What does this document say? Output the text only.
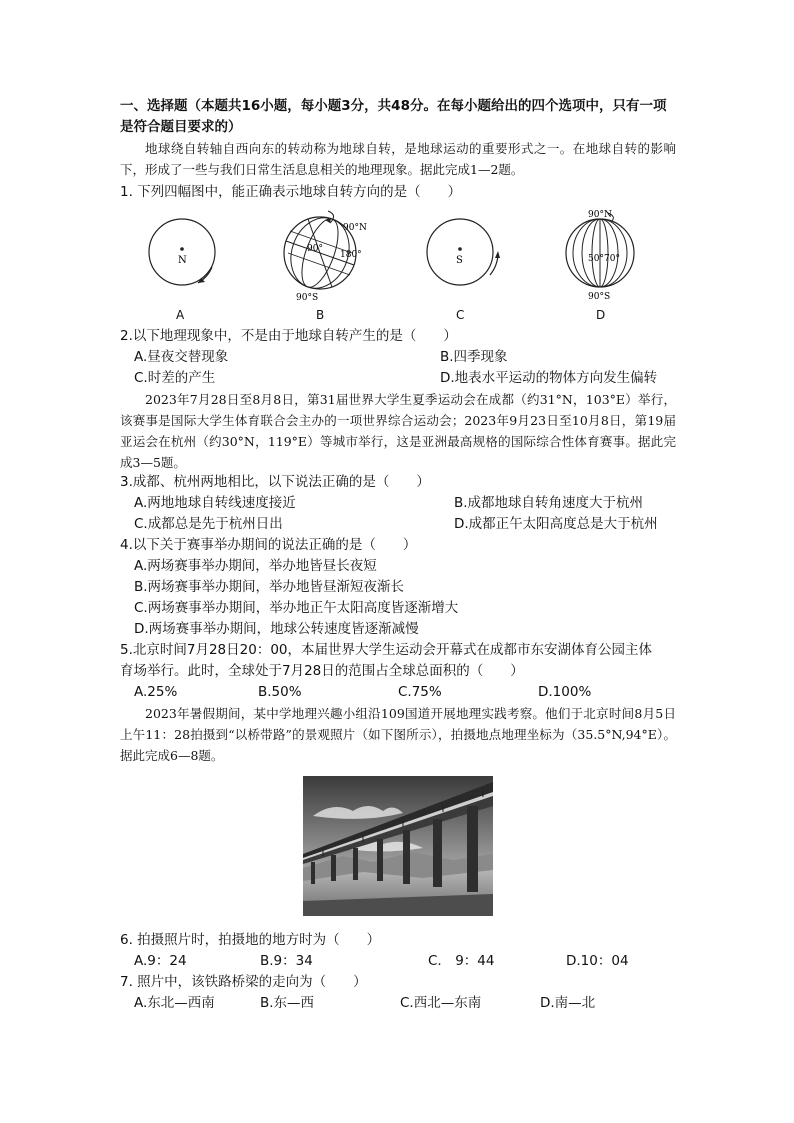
一、选择题（本题共16小题，每小题3分，共48分。在每小题给出的四个选项中，只有一项是符合题目要求的）
地球绕自转轴自西向东的转动称为地球自转，是地球运动的重要形式之一。在地球自转的影响下，形成了一些与我们日常生活息息相关的地理现象。据此完成1—2题。
1. 下列四幅图中，能正确表示地球自转方向的是（　　）
N
90°N
90°
180°
90°S
S
90°N
50° 70°
90°S
A	B	C	D
2.以下地理现象中，不是由于地球自转产生的是（　　）
A.昼夜交替现象	B.四季现象
C.时差的产生	D.地表水平运动的物体方向发生偏转
2023年7月28日至8月8日，第31届世界大学生夏季运动会在成都（约31°N，103°E）举行，该赛事是国际大学生体育联合会主办的一项世界综合运动会；2023年9月23日至10月8日，第19届亚运会在杭州（约30°N，119°E）等城市举行，这是亚洲最高规格的国际综合性体育赛事。据此完成3—5题。
3.成都、杭州两地相比，以下说法正确的是（　　）
A.两地地球自转线速度接近	B.成都地球自转角速度大于杭州
C.成都总是先于杭州日出	D.成都正午太阳高度总是大于杭州
4.以下关于赛事举办期间的说法正确的是（　　）
A.两场赛事举办期间，举办地皆昼长夜短
B.两场赛事举办期间，举办地皆昼渐短夜渐长
C.两场赛事举办期间，举办地正午太阳高度皆逐渐增大
D.两场赛事举办期间，地球公转速度皆逐渐减慢
5.北京时间7月28日20：00，本届世界大学生运动会开幕式在成都市东安湖体育公园主体
育场举行。此时，全球处于7月28日的范围占全球总面积的（　　）
A.25%	B.50%	C.75%	D.100%
2023年暑假期间，某中学地理兴趣小组沿109国道开展地理实践考察。他们于北京时间8月5日上午11：28拍摄到“以桥带路”的景观照片（如下图所示），拍摄地点地理坐标为（35.5°N,94°E）。据此完成6—8题。
6. 拍摄照片时，拍摄地的地方时为（　　）
A.9：24	B.9：34	C.　9：44	D.10：04
7. 照片中，该铁路桥梁的走向为（　　）
A.东北—西南	B.东—西	C.西北—东南	D.南—北
